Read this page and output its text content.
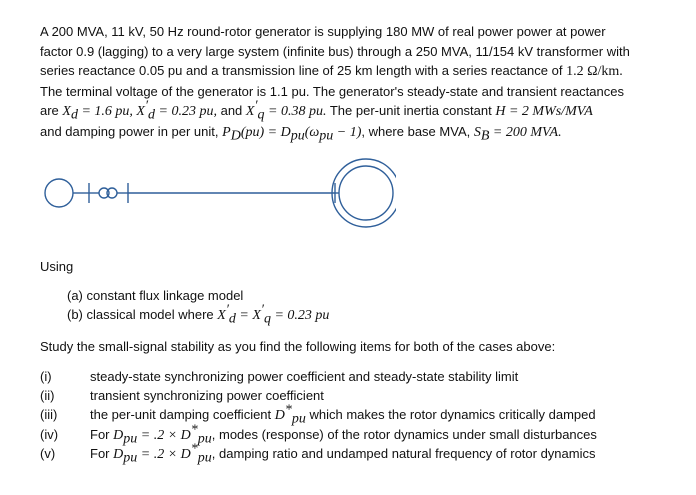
A 200 MVA, 11 kV, 50 Hz round-rotor generator is supplying 180 MW of real power power at power
factor 0.9 (lagging) to a very large system (infinite bus) through a 250 MVA, 11/154 kV transformer with
series reactance 0.05 pu and a transmission line of 25 km length with a series reactance of 1.2 Ω/km.
The terminal voltage of the generator is 1.1 pu. The generator's steady-state and transient reactances
are $X_d = 1.6$ pu, $X'_d = 0.23$ pu, and $X'_q = 0.38$ pu. The per-unit inertia constant H = 2 MWs/MVA
and damping power in per unit, $P_D(pu) = D_{pu}(\omega_{pu} - 1)$, where base MVA, $S_B = 200$ MVA.
Using
(a) constant flux linkage model
(b) classical model where $X'_d = X'_q = 0.23$ pu
Study the small-signal stability as you find the following items for both of the cases above:
(i)	steady-state synchronizing power coefficient and steady-state stability limit
(ii)	transient synchronizing power coefficient
(iii)	the per-unit damping coefficient $D^*_{pu}$ which makes the rotor dynamics critically damped
(iv) For $D_{pu} = .2 \times D^*_{pu}$, modes (response) of the rotor dynamics under small disturbances
(v)	For $D_{pu} = .2 \times D^*_{pu}$, damping ratio and undamped natural frequency of rotor dynamics
